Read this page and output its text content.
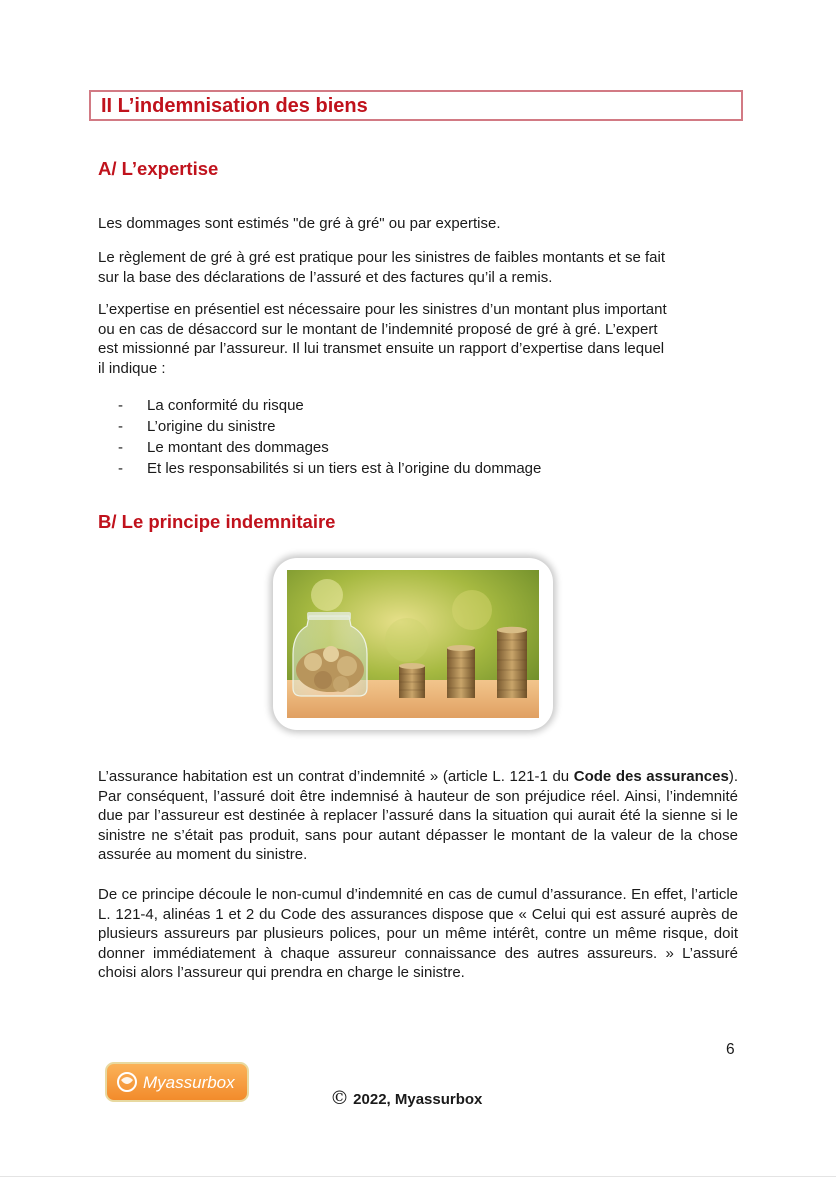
II L’indemnisation des biens
A/ L’expertise
Les dommages sont estimés "de gré à gré" ou par expertise.
Le règlement de gré à gré est pratique pour les sinistres de faibles montants et se fait
sur la base des déclarations de l’assuré et des factures qu’il a remis.
L’expertise en présentiel est nécessaire pour les sinistres d’un montant plus important
ou en cas de désaccord sur le montant de l’indemnité proposé de gré à gré. L’expert
est missionné par l’assureur. Il lui transmet ensuite un rapport d’expertise dans lequel
il indique :
- La conformité du risque
- L’origine du sinistre
- Le montant des dommages
- Et les responsabilités si un tiers est à l’origine du dommage
B/ Le principe indemnitaire
L’assurance habitation est un contrat d’indemnité » (article L. 121-1 du Code des assurances). Par conséquent, l’assuré doit être indemnisé à hauteur de son préjudice réel. Ainsi, l’indemnité due par l’assureur est destinée à replacer l’assuré dans la situation qui aurait été la sienne si le sinistre ne s’était pas produit, sans pour autant dépasser le montant de la valeur de la chose assurée au moment du sinistre.
De ce principe découle le non-cumul d’indemnité en cas de cumul d’assurance. En effet, l’article L. 121-4, alinéas 1 et 2 du Code des assurances dispose que « Celui qui est assuré auprès de plusieurs assureurs par plusieurs polices, pour un même intérêt, contre un même risque, doit donner immédiatement à chaque assureur connaissance des autres assureurs. » L’assuré choisi alors l’assureur qui prendra en charge le sinistre.
6
Myassurbox
© 2022, Myassurbox
